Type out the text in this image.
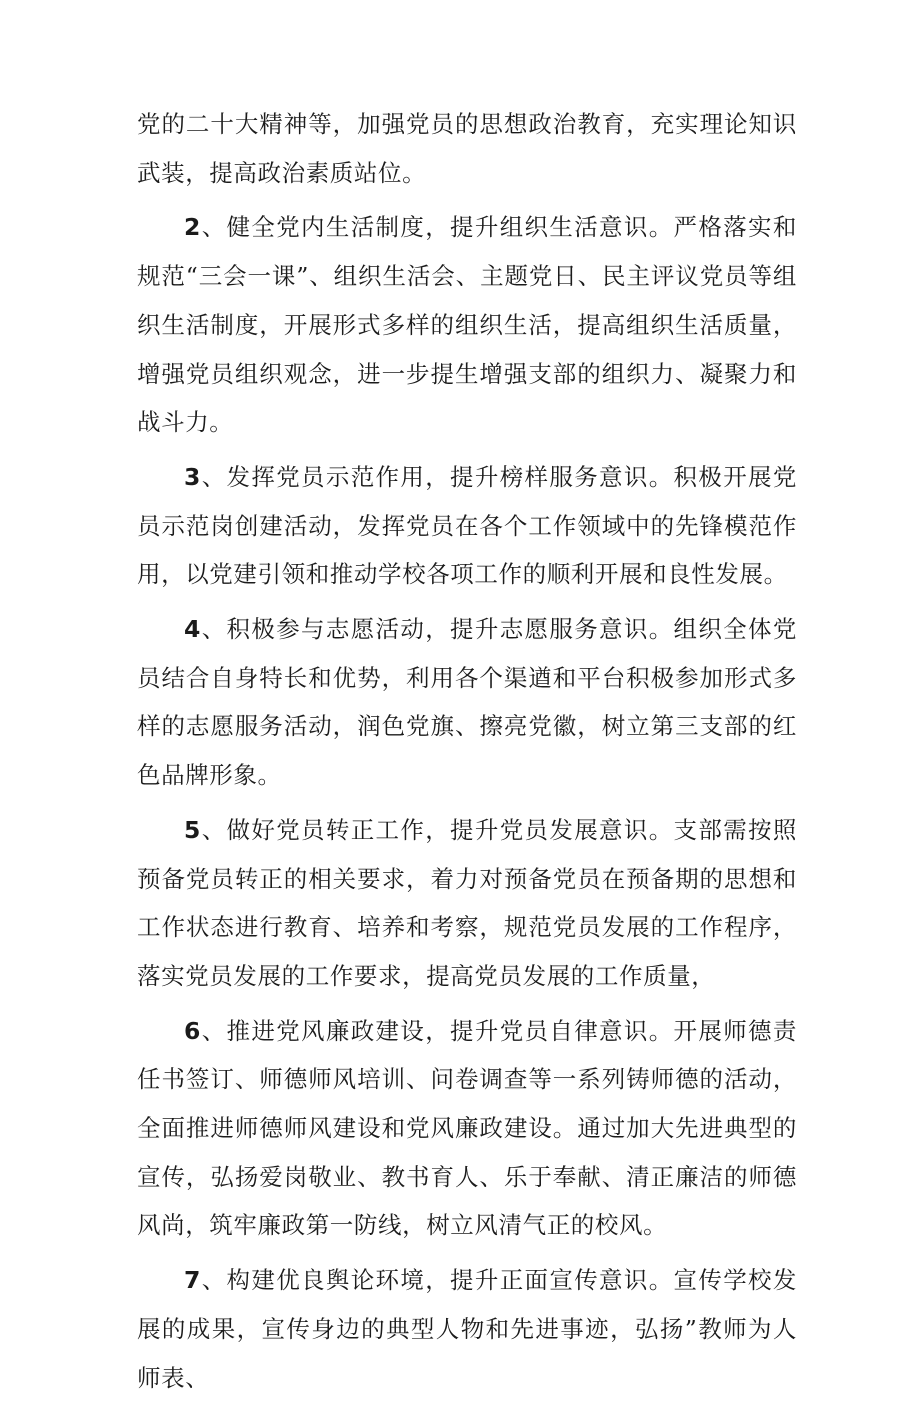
党的二十大精神等，加强党员的思想政治教育，充实理论知识武装，提高政治素质站位。

2、健全党内生活制度，提升组织生活意识。严格落实和规范“三会一课”、组织生活会、主题党日、民主评议党员等组织生活制度，开展形式多样的组织生活，提高组织生活质量，增强党员组织观念，进一步提生增强支部的组织力、凝聚力和战斗力。

3、发挥党员示范作用，提升榜样服务意识。积极开展党员示范岗创建活动，发挥党员在各个工作领域中的先锋模范作用，以党建引领和推动学校各项工作的顺利开展和良性发展。

4、积极参与志愿活动，提升志愿服务意识。组织全体党员结合自身特长和优势，利用各个渠遒和平台积极参加形式多样的志愿服务活动，润色党旗、擦亮党徽，树立第三支部的红色品牌形象。

5、做好党员转正工作，提升党员发展意识。支部需按照预备党员转正的相关要求，着力对预备党员在预备期的思想和工作状态进行教育、培养和考察，规范党员发展的工作程序，落实党员发展的工作要求，提高党员发展的工作质量，

6、推进党风廉政建设，提升党员自律意识。开展师德责任书签订、师德师风培训、问卷调查等一系列铸师德的活动，全面推进师德师风建设和党风廉政建设。通过加大先进典型的宣传，弘扬爱岗敬业、教书育人、乐于奉献、清正廉洁的师德风尚，筑牢廉政第一防线，树立风清气正的校风。

7、构建优良舆论环境，提升正面宣传意识。宣传学校发展的成果，宣传身边的典型人物和先进事迹，弘扬”教师为人师表、
